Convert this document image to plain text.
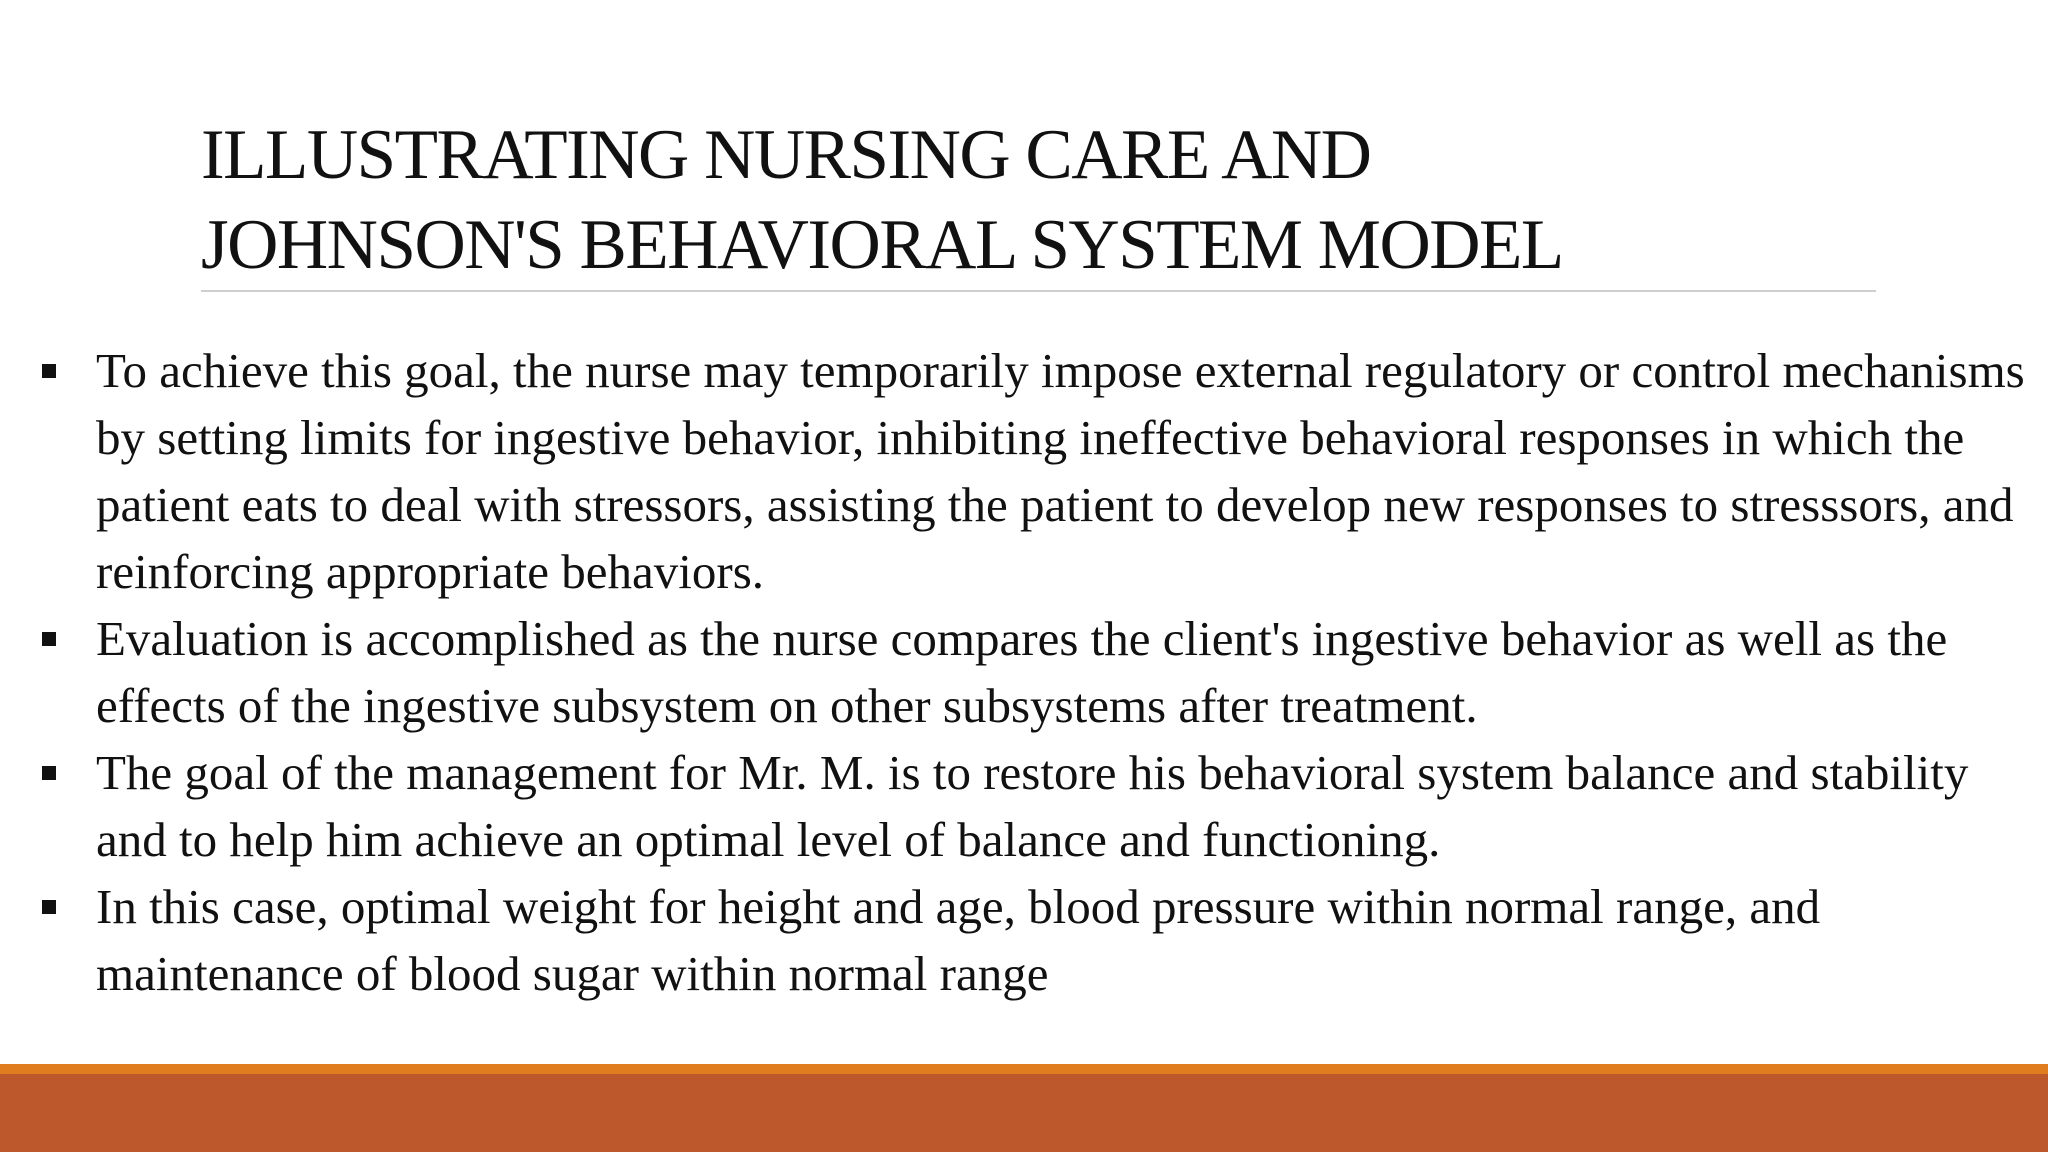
ILLUSTRATING NURSING CARE AND
JOHNSON'S BEHAVIORAL SYSTEM MODEL
To achieve this goal, the nurse may temporarily impose external regulatory or control mechanisms by setting limits for ingestive behavior, inhibiting ineffective behavioral responses in which the patient eats to deal with stressors, assisting the patient to develop new responses to stresssors, and reinforcing appropriate behaviors.
Evaluation is accomplished as the nurse compares the client's ingestive behavior as well as the effects of the ingestive subsystem on other subsystems after treatment.
The goal of the management for Mr. M. is to restore his behavioral system balance and stability and to help him achieve an optimal level of balance and functioning.
In this case, optimal weight for height and age, blood pressure within normal range, and maintenance of blood sugar within normal range
